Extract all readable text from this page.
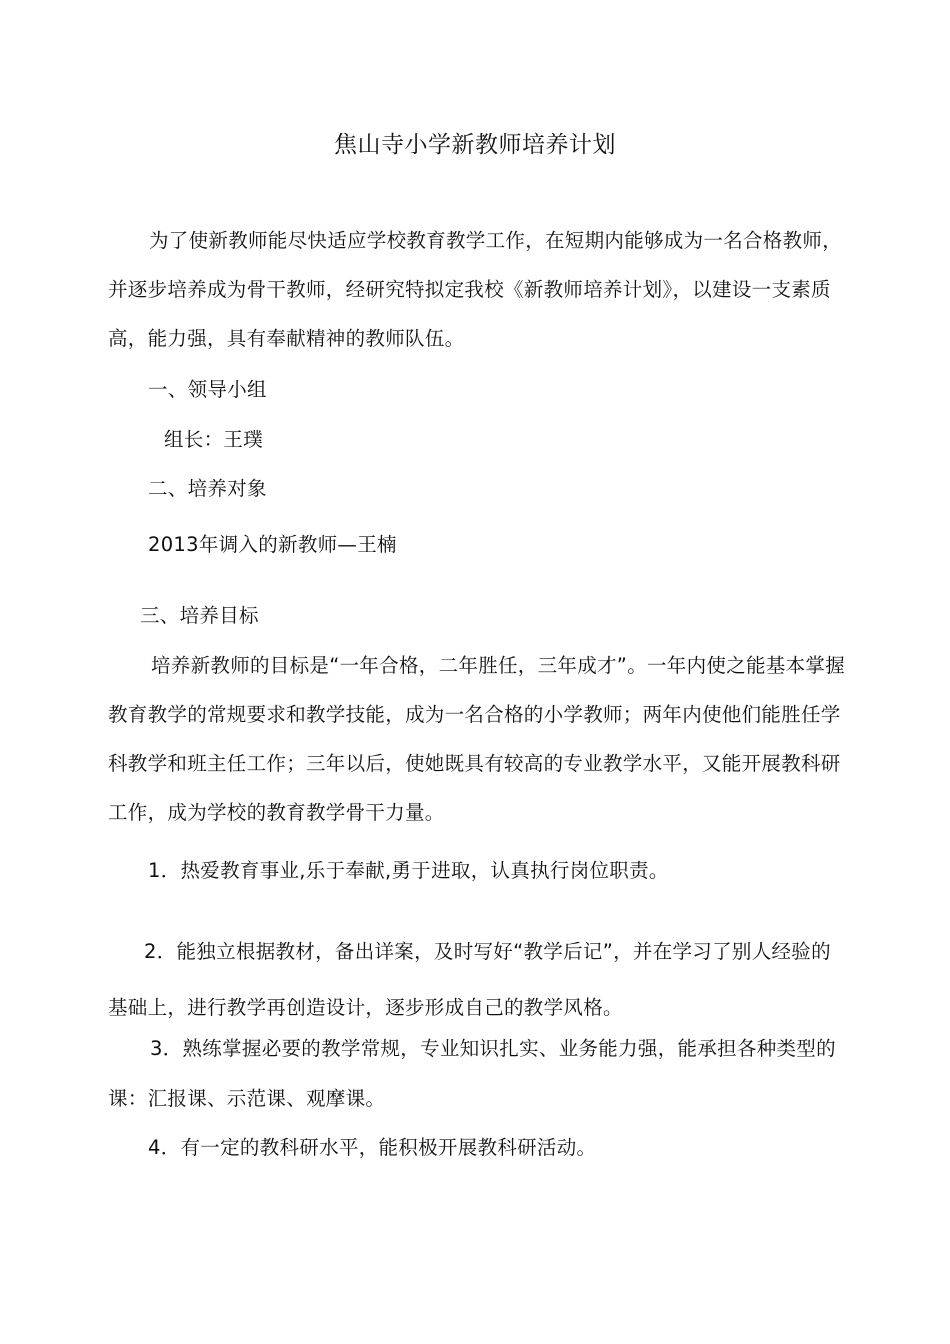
焦山寺小学新教师培养计划
为了使新教师能尽快适应学校教育教学工作，在短期内能够成为一名合格教师，并逐步培养成为骨干教师，经研究特拟定我校《新教师培养计划》，以建设一支素质高，能力强，具有奉献精神的教师队伍。
一、领导小组
组长：王璞
二、培养对象
2013年调入的新教师—王楠
三、培养目标
培养新教师的目标是“一年合格，二年胜任，三年成才”。一年内使之能基本掌握教育教学的常规要求和教学技能，成为一名合格的小学教师；两年内使他们能胜任学科教学和班主任工作；三年以后，使她既具有较高的专业教学水平，又能开展教科研工作，成为学校的教育教学骨干力量。
1．热爱教育事业,乐于奉献,勇于进取，认真执行岗位职责。
2．能独立根据教材，备出详案，及时写好“教学后记”，并在学习了别人经验的基础上，进行教学再创造设计，逐步形成自己的教学风格。
3．熟练掌握必要的教学常规，专业知识扎实、业务能力强，能承担各种类型的课：汇报课、示范课、观摩课。
4．有一定的教科研水平，能积极开展教科研活动。
